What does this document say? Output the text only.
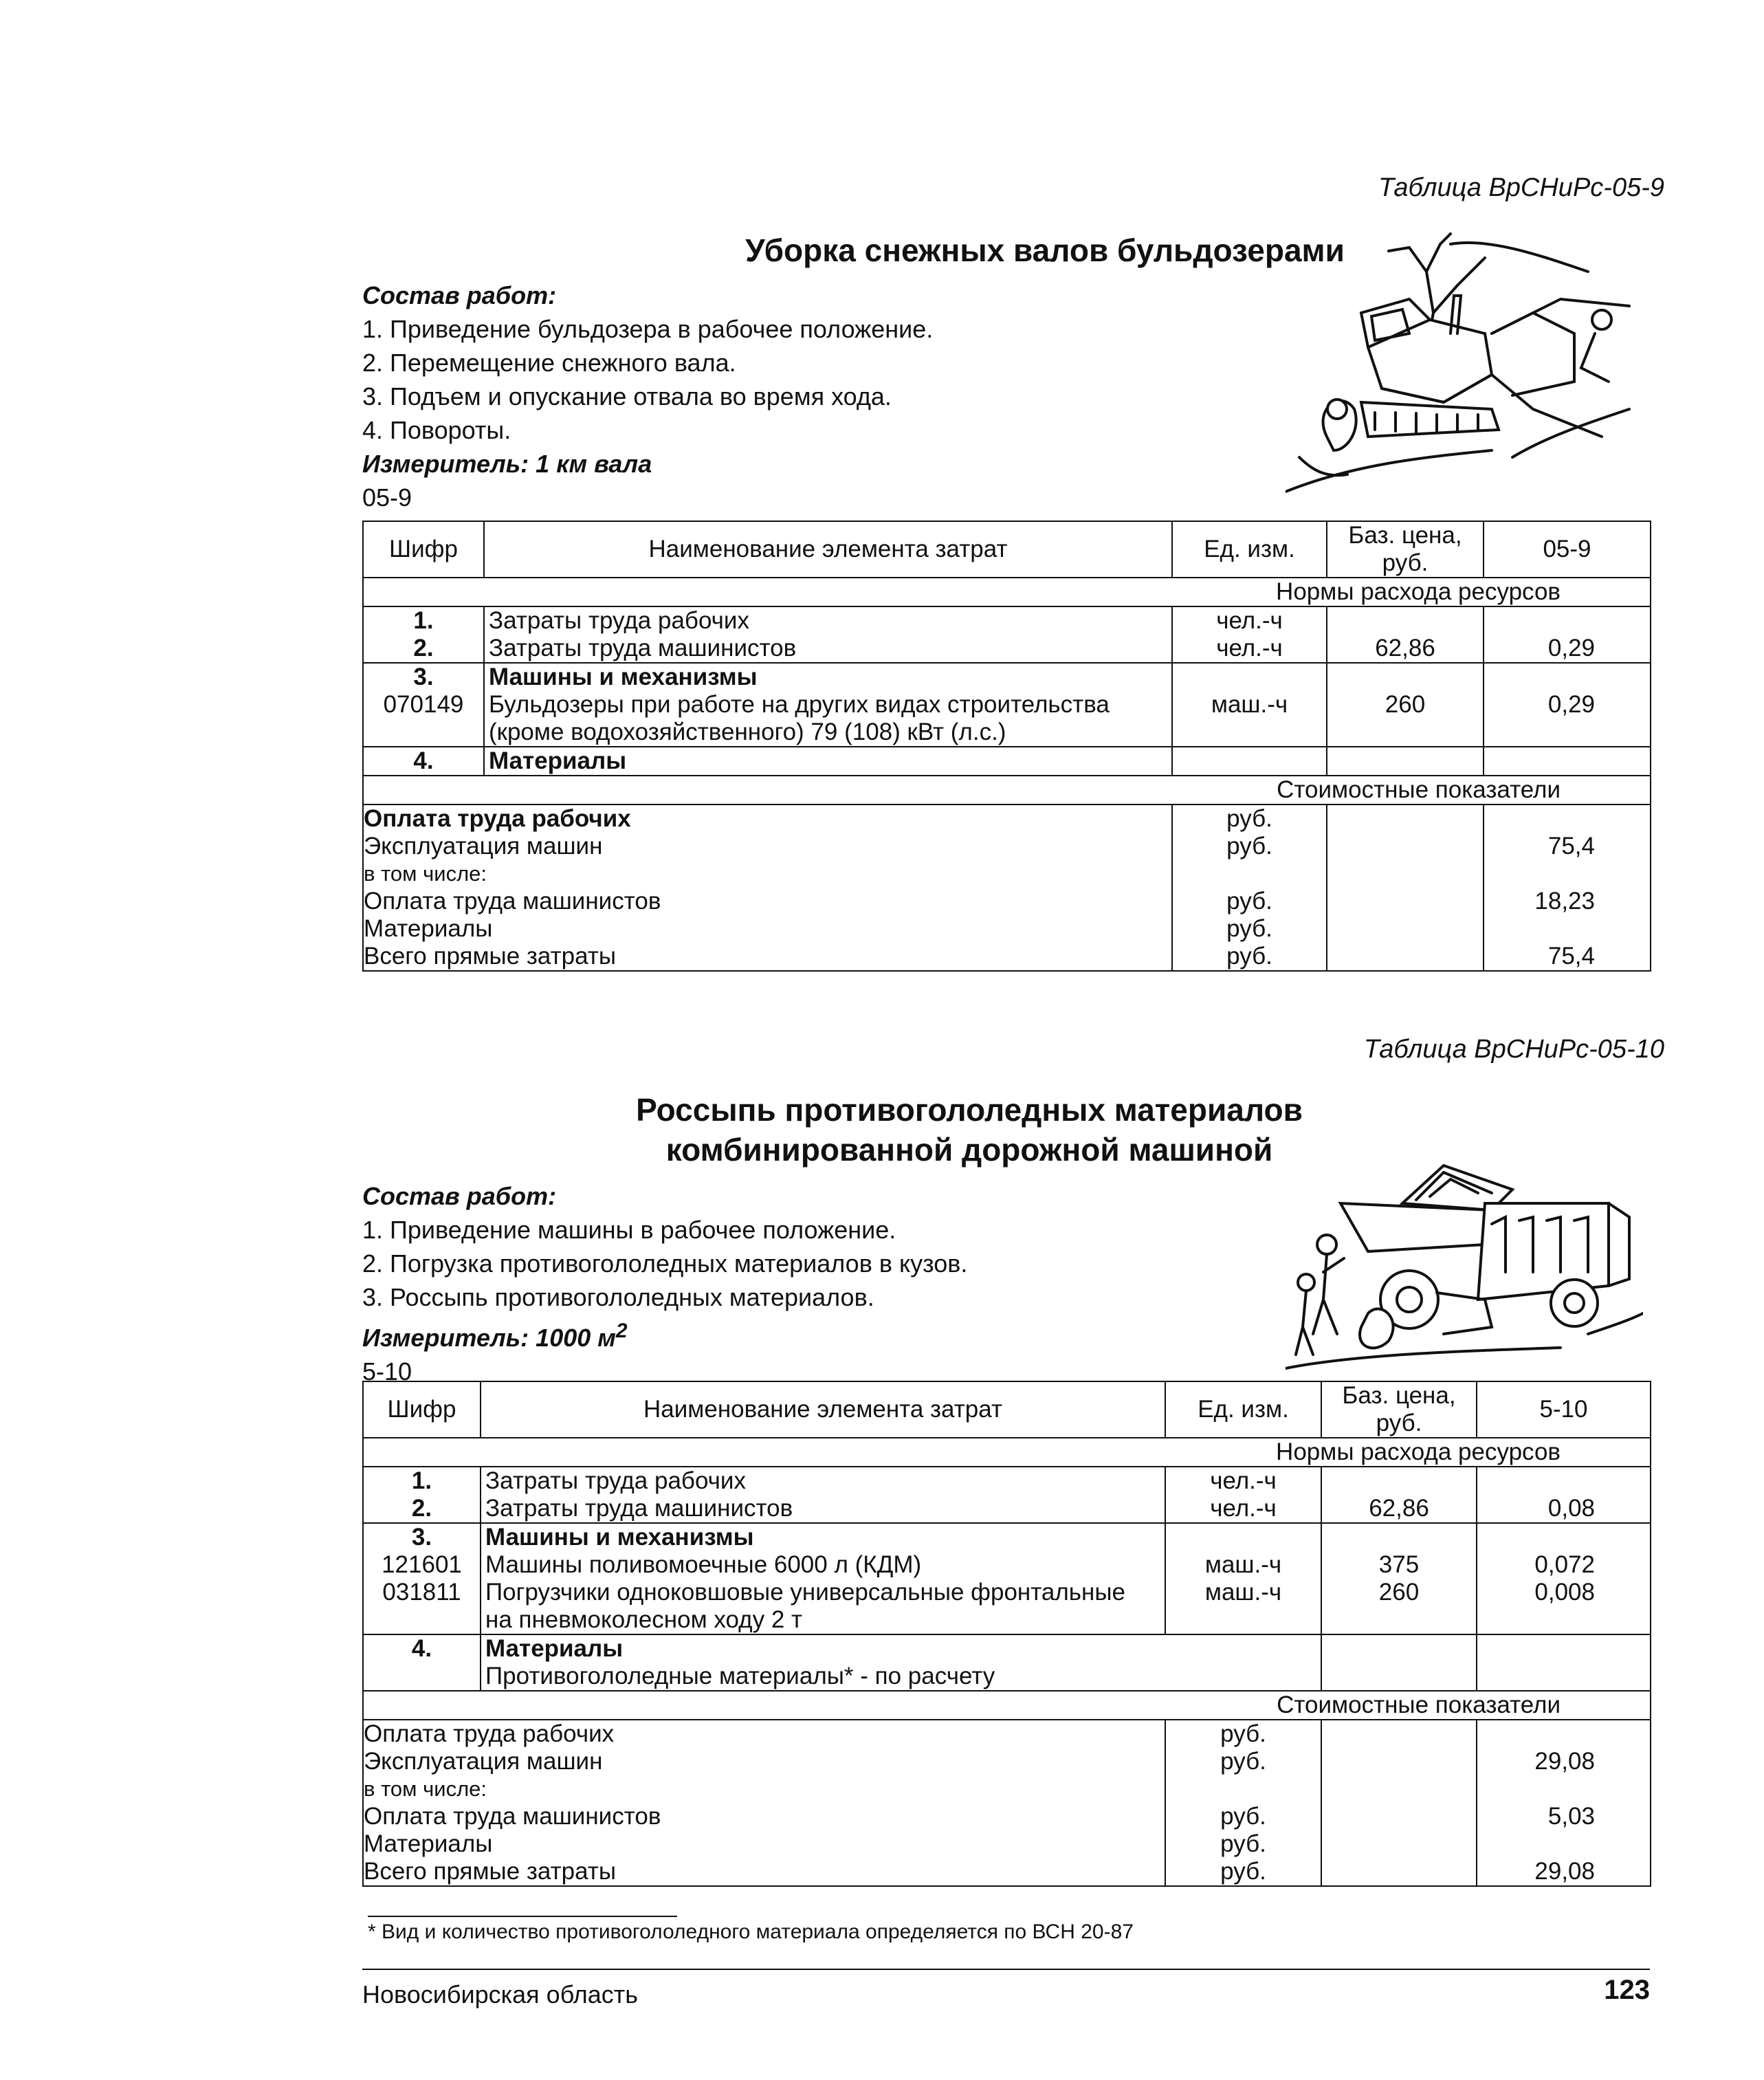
Таблица ВрСНиРс-05-9
Уборка снежных валов бульдозерами
Состав работ:
1. Приведение бульдозера в рабочее положение.
2. Перемещение снежного вала.
3. Подъем и опускание отвала во время хода.
4. Повороты.
Измеритель: 1 км вала
05-9
Шифр	Наименование элемента затрат	Ед. изм.	Баз. цена, руб.	05-9
Нормы расхода ресурсов				
1.	Затраты труда рабочих	чел.-ч		
2.	Затраты труда машинистов	чел.-ч	62,86	0,29
3.	Машины и механизмы			
070149	Бульдозеры при работе на других видах строительства
(кроме водохозяйственного) 79 (108) кВт (л.с.)	маш.-ч	260	0,29
4.	Материалы			
Стоимостные показатели				
Оплата труда рабочих		руб.		
Эксплуатация машин		руб.		75,4
в том числе:				
Оплата труда машинистов		руб.		18,23
Материалы		руб.		
Всего прямые затраты		руб.		75,4
Таблица ВрСНиРс-05-10
Россыпь противогололедных материалов
комбинированной дорожной машиной
Состав работ:
1. Приведение машины в рабочее положение.
2. Погрузка противогололедных материалов в кузов.
3. Россыпь противогололедных материалов.
Измеритель: 1000 $м^2$
5-10
Шифр	Наименование элемента затрат	Ед. изм.	Баз. цена, руб.	5-10
Нормы расхода ресурсов				
1.	Затраты труда рабочих	чел.-ч		
2.	Затраты труда машинистов	чел.-ч	62,86	0,08
3.	Машины и механизмы			
121601	Машины поливомоечные 6000 л (КДМ)	маш.-ч	375	0,072
031811	Погрузчики одноковшовые универсальные фронтальные
на пневмоколесном ходу 2 т	маш.-ч	260	0,008
4.	Материалы
Противогололедные материалы* - по расчету			

Стоимостные показатели				
Оплата труда рабочих		руб.		
Эксплуатация машин		руб.		29,08
в том числе:				
Оплата труда машинистов		руб.		5,03
Материалы		руб.		
Всего прямые затраты		руб.		29,08
* Вид и количество противогололедного материала определяется по ВСН 20-87
Новосибирская область	123
